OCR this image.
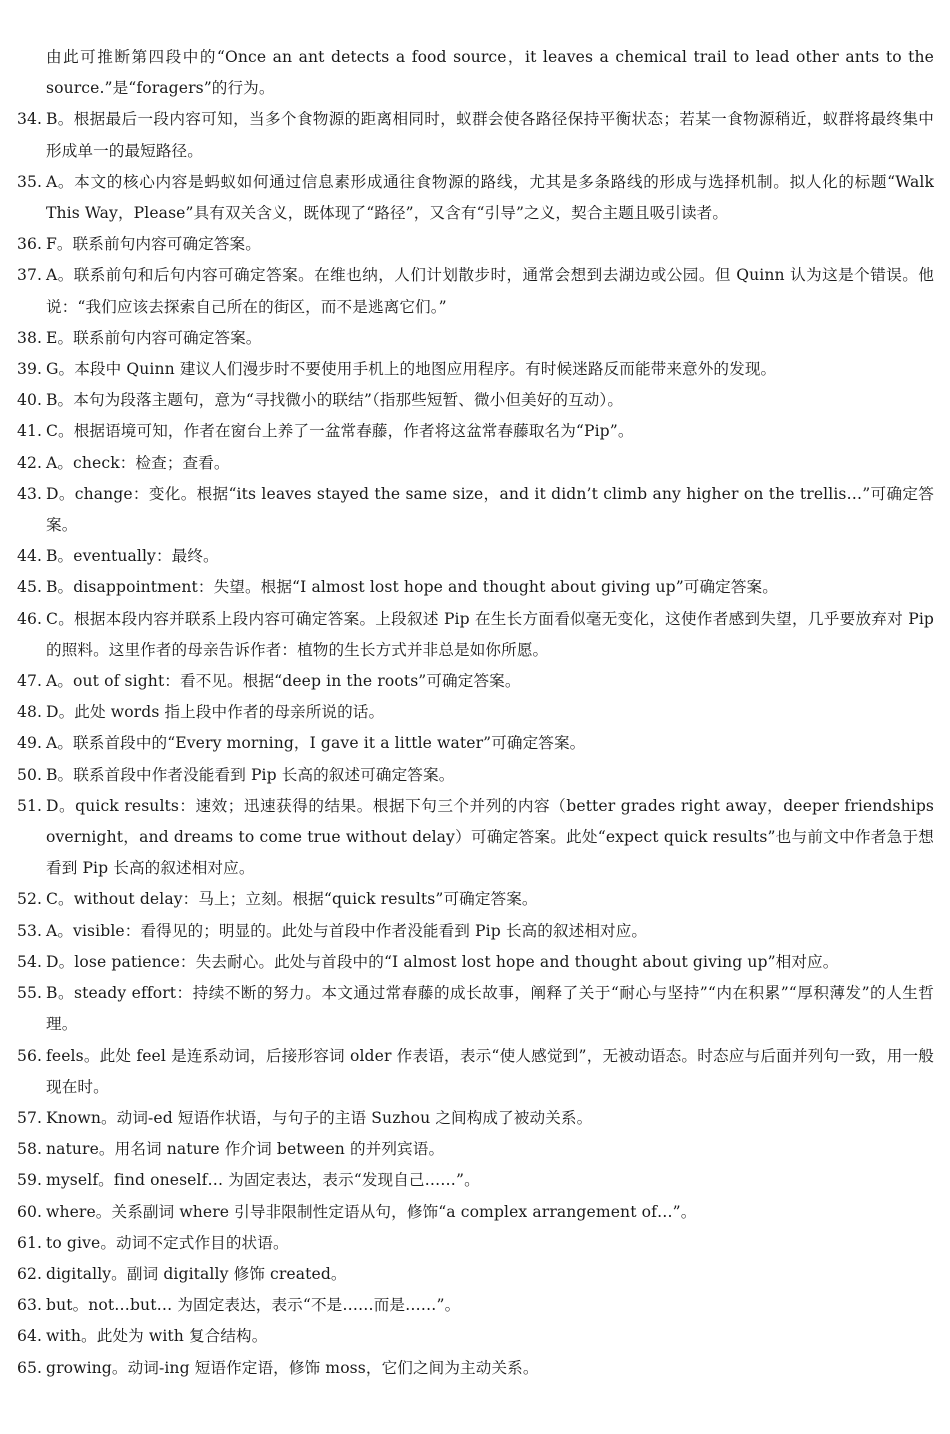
由此可推断第四段中的“Once an ant detects a food source，it leaves a chemical trail to lead other ants to the source.”是“foragers”的行为。
34. B。根据最后一段内容可知，当多个食物源的距离相同时，蚁群会使各路径保持平衡状态；若某一食物源稍近，蚁群将最终集中形成单一的最短路径。
35. A。本文的核心内容是蚂蚁如何通过信息素形成通往食物源的路线，尤其是多条路线的形成与选择机制。拟人化的标题“Walk This Way，Please”具有双关含义，既体现了“路径”，又含有“引导”之义，契合主题且吸引读者。
36. F。联系前句内容可确定答案。
37. A。联系前句和后句内容可确定答案。在维也纳，人们计划散步时，通常会想到去湖边或公园。但 Quinn 认为这是个错误。他说：“我们应该去探索自己所在的街区，而不是逃离它们。”
38. E。联系前句内容可确定答案。
39. G。本段中 Quinn 建议人们漫步时不要使用手机上的地图应用程序。有时候迷路反而能带来意外的发现。
40. B。本句为段落主题句，意为“寻找微小的联结”（指那些短暂、微小但美好的互动）。
41. C。根据语境可知，作者在窗台上养了一盆常春藤，作者将这盆常春藤取名为“Pip”。
42. A。check：检查；查看。
43. D。change：变化。根据“its leaves stayed the same size，and it didn’t climb any higher on the trellis…”可确定答案。
44. B。eventually：最终。
45. B。disappointment：失望。根据“I almost lost hope and thought about giving up”可确定答案。
46. C。根据本段内容并联系上段内容可确定答案。上段叙述 Pip 在生长方面看似毫无变化，这使作者感到失望，几乎要放弃对 Pip 的照料。这里作者的母亲告诉作者：植物的生长方式并非总是如你所愿。
47. A。out of sight：看不见。根据“deep in the roots”可确定答案。
48. D。此处 words 指上段中作者的母亲所说的话。
49. A。联系首段中的“Every morning，I gave it a little water”可确定答案。
50. B。联系首段中作者没能看到 Pip 长高的叙述可确定答案。
51. D。quick results：速效；迅速获得的结果。根据下句三个并列的内容（better grades right away，deeper friendships overnight，and dreams to come true without delay）可确定答案。此处“expect quick results”也与前文中作者急于想看到 Pip 长高的叙述相对应。
52. C。without delay：马上；立刻。根据“quick results”可确定答案。
53. A。visible：看得见的；明显的。此处与首段中作者没能看到 Pip 长高的叙述相对应。
54. D。lose patience：失去耐心。此处与首段中的“I almost lost hope and thought about giving up”相对应。
55. B。steady effort：持续不断的努力。本文通过常春藤的成长故事，阐释了关于“耐心与坚持”“内在积累”“厚积薄发”的人生哲理。
56. feels。此处 feel 是连系动词，后接形容词 older 作表语，表示“使人感觉到”，无被动语态。时态应与后面并列句一致，用一般现在时。
57. Known。动词-ed 短语作状语，与句子的主语 Suzhou 之间构成了被动关系。
58. nature。用名词 nature 作介词 between 的并列宾语。
59. myself。find oneself… 为固定表达，表示“发现自己……”。
60. where。关系副词 where 引导非限制性定语从句，修饰“a complex arrangement of…”。
61. to give。动词不定式作目的状语。
62. digitally。副词 digitally 修饰 created。
63. but。not…but… 为固定表达，表示“不是……而是……”。
64. with。此处为 with 复合结构。
65. growing。动词-ing 短语作定语，修饰 moss，它们之间为主动关系。
